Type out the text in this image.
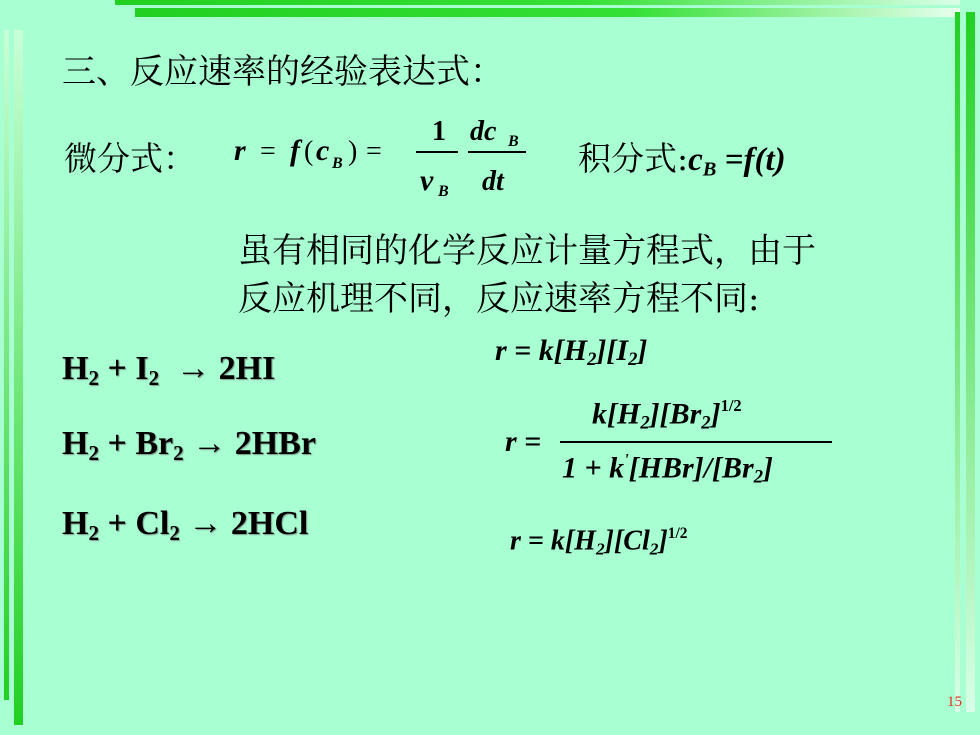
三、反应速率的经验表达式：
微分式： r = f ( c B ) =
1
ν B
dc B
dt
积分式$:c_B =f(t)$
虽有相同的化学反应计量方程式，由于
反应机理不同，反应速率方程不同:
$H_2 + I_2 \to 2HI$
$H_2 + Br_2 \to 2HBr$
$H_2 + Cl_2 \to 2HCl$
$r = k[H_2][I_2]$
r =
$k[H_2][Br_2]^{1/2}$
$1 + k'[HBr]/[Br_2]$
$r = k[H_2][Cl_2]^{1/2}$
15
